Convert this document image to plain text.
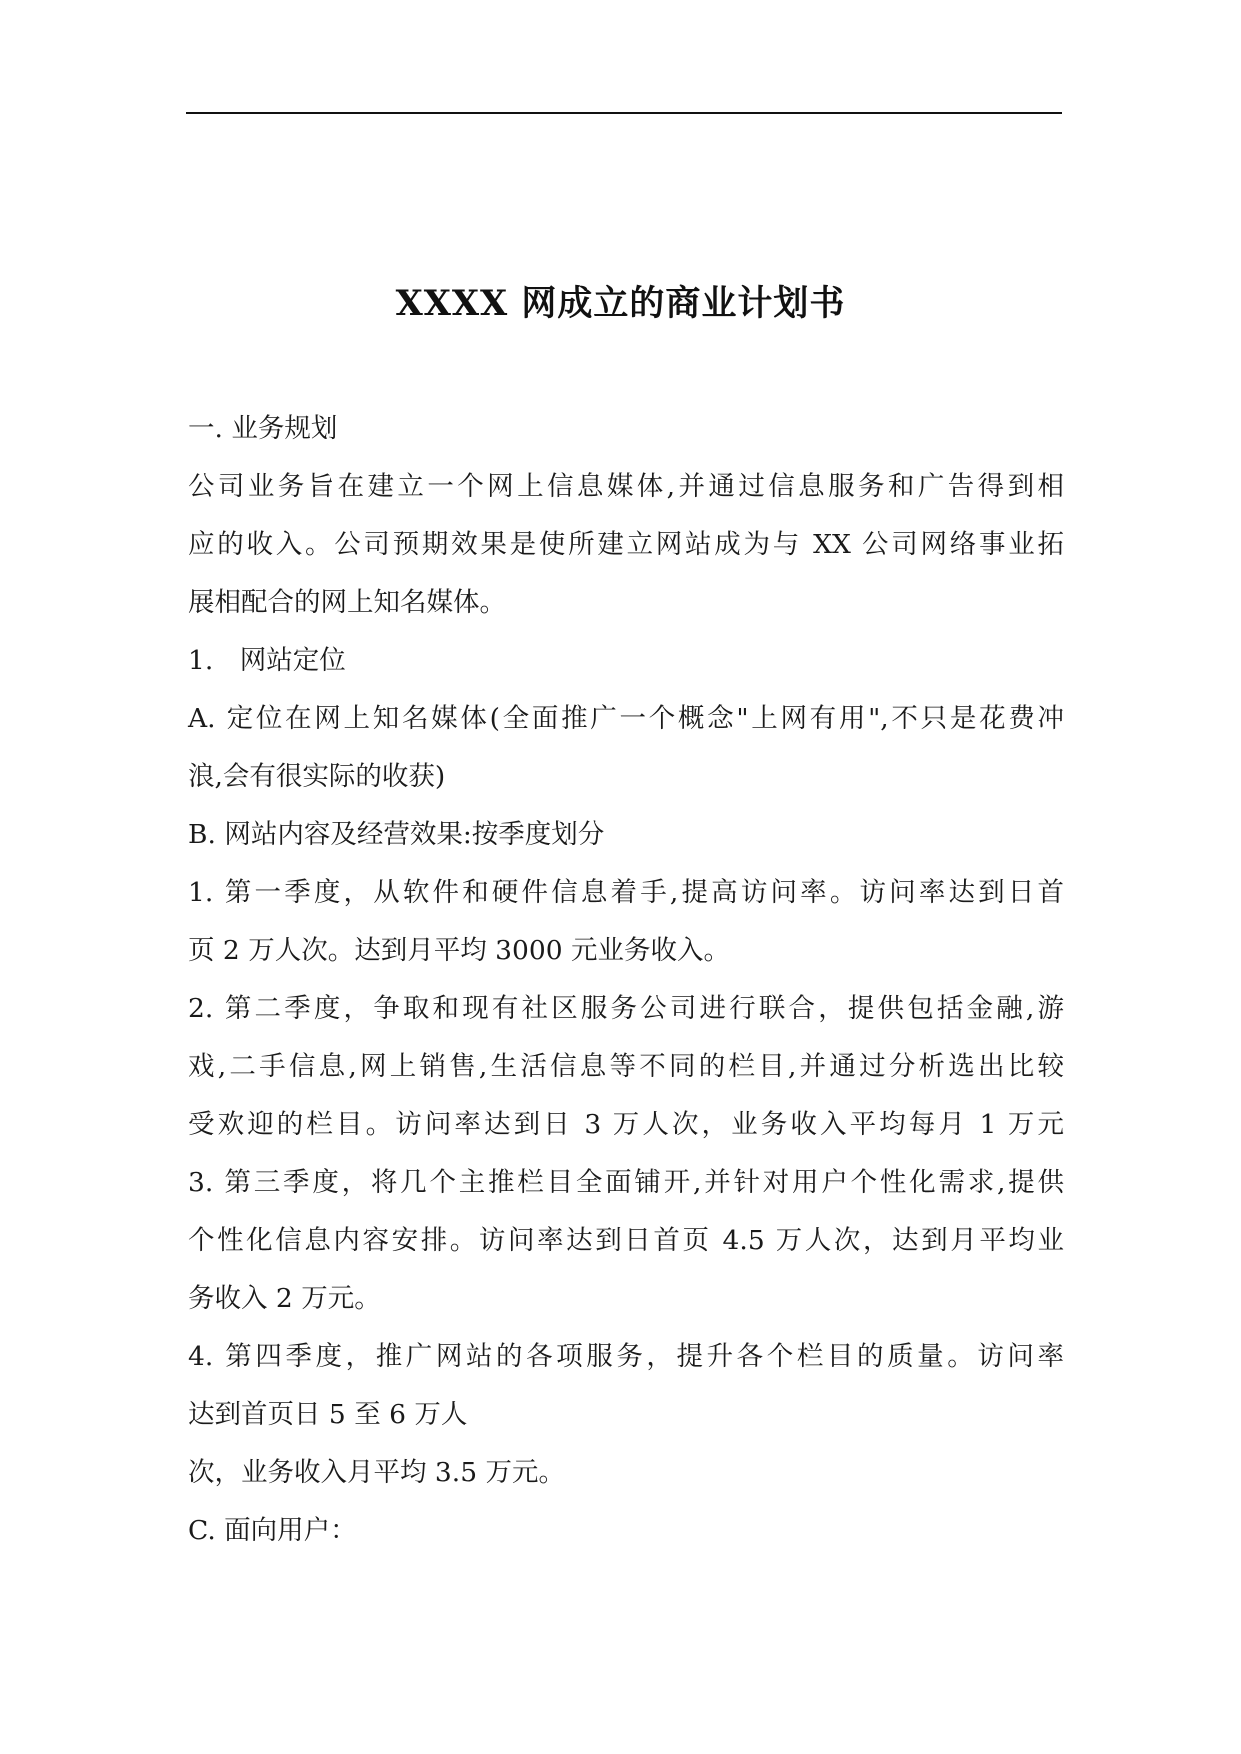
XXXX 网成立的商业计划书
一. 业务规划
公司业务旨在建立一个网上信息媒体,并通过信息服务和广告得到相
应的收入。公司预期效果是使所建立网站成为与 XX 公司网络事业拓
展相配合的网上知名媒体。
1.　网站定位
A. 定位在网上知名媒体(全面推广一个概念"上网有用",不只是花费冲
浪,会有很实际的收获)
B. 网站内容及经营效果:按季度划分
1. 第一季度，从软件和硬件信息着手,提高访问率。访问率达到日首
页 2 万人次。达到月平均 3000 元业务收入。
2. 第二季度，争取和现有社区服务公司进行联合，提供包括金融,游
戏,二手信息,网上销售,生活信息等不同的栏目,并通过分析选出比较
受欢迎的栏目。访问率达到日 3 万人次，业务收入平均每月 1 万元
3. 第三季度，将几个主推栏目全面铺开,并针对用户个性化需求,提供
个性化信息内容安排。访问率达到日首页 4.5 万人次，达到月平均业
务收入 2 万元。
4. 第四季度，推广网站的各项服务，提升各个栏目的质量。访问率
达到首页日 5 至 6 万人
次，业务收入月平均 3.5 万元。
C. 面向用户：
